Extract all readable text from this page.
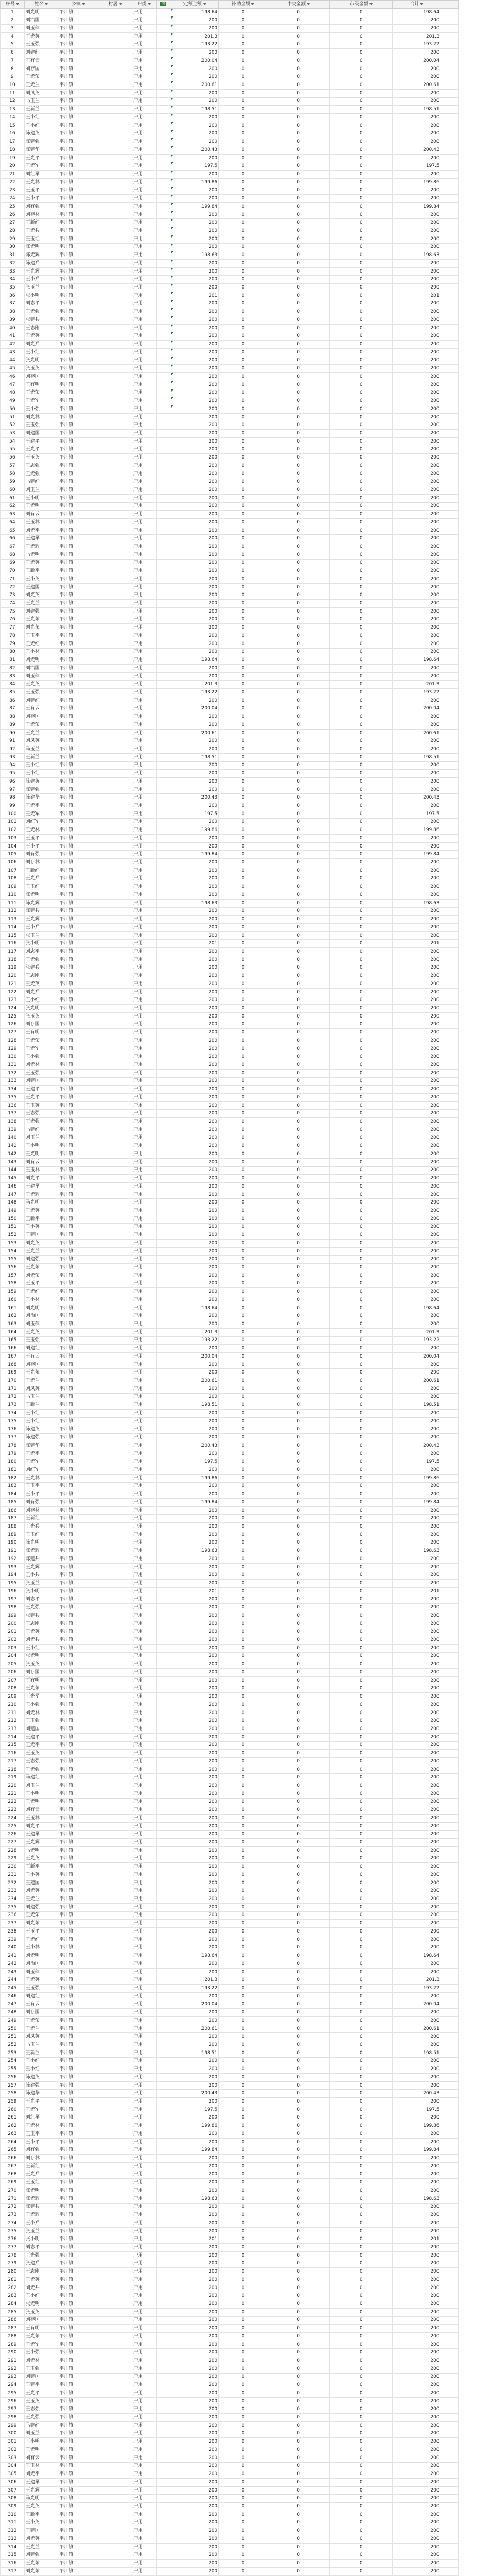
序号	姓名	乡镇	村居	户类	☑	定额金额	补助金额	中央金额	市级金额	合计	

1	刘光明	平川镇		户用		198.64	0	0	0	198.64	
2	刘治国	平川镇		户用		200	0	0	0	200	
3	刘玉萍	平川镇		户用		200	0	0	0	200	
4	王光英	平川镇		户用		201.3	0	0	0	201.3	
5	王玉强	平川镇		户用		193.22	0	0	0	193.22	
6	刘建红	平川镇		户用		200	0	0	0	200	
7	王有云	平川镇		户用		200.04	0	0	0	200.04	
8	刘存国	平川镇		户用		200	0	0	0	200	
9	王光荣	平川镇		户用		200	0	0	0	200	
10	王光兰	平川镇		户用		200.61	0	0	0	200.61	
11	刘凤英	平川镇		户用		200	0	0	0	200	
12	马玉兰	平川镇		户用		200	0	0	0	200	
13	王新兰	平川镇		户用		198.51	0	0	0	198.51	
14	王小红	平川镇		户用		200	0	0	0	200	
15	王小红	平川镇		户用		200	0	0	0	200	
16	陈建英	平川镇		户用		200	0	0	0	200	
17	陈建强	平川镇		户用		200	0	0	0	200	
18	陈建华	平川镇		户用		200.43	0	0	0	200.43	
19	王光平	平川镇		户用		200	0	0	0	200	
20	王光军	平川镇		户用		197.5	0	0	0	197.5	
21	刘红军	平川镇		户用		200	0	0	0	200	
22	王光林	平川镇		户用		199.86	0	0	0	199.86	
23	王玉平	平川镇		户用		200	0	0	0	200	
24	王小平	平川镇		户用		200	0	0	0	200	
25	刘有强	平川镇		户用		199.84	0	0	0	199.84	
26	刘存林	平川镇		户用		200	0	0	0	200	
27	王新红	平川镇		户用		200	0	0	0	200	
28	王光兵	平川镇		户用		200	0	0	0	200	
29	王玉红	平川镇		户用		200	0	0	0	200	
30	陈光明	平川镇		户用		200	0	0	0	200	
31	陈光辉	平川镇		户用		198.63	0	0	0	198.63	
32	陈建兵	平川镇		户用		200	0	0	0	200	
33	王光辉	平川镇		户用		200	0	0	0	200	
34	王小兵	平川镇		户用		200	0	0	0	200	
35	张玉兰	平川镇		户用		200	0	0	0	200	
36	张小明	平川镇		户用		201	0	0	0	201	
37	刘志平	平川镇		户用		200	0	0	0	200	
38	王光强	平川镇		户用		200	0	0	0	200	
39	张建兵	平川镇		户用		200	0	0	0	200	
40	王志刚	平川镇		户用		200	0	0	0	200	
41	王光英	平川镇		户用		200	0	0	0	200	
42	刘光兵	平川镇		户用		200	0	0	0	200	
43	王小红	平川镇		户用		200	0	0	0	200	
44	张光明	平川镇		户用		200	0	0	0	200	
45	张玉英	平川镇		户用		200	0	0	0	200	
46	刘存国	平川镇		户用		200	0	0	0	200	
47	王有明	平川镇		户用		200	0	0	0	200	
48	王光荣	平川镇		户用		200	0	0	0	200	
49	王光军	平川镇		户用		200	0	0	0	200	
50	王小强	平川镇		户用		200	0	0	0	200	
51	刘光林	平川镇		户用		200	0	0	0	200	
52	王玉强	平川镇		户用		200	0	0	0	200	
53	刘建国	平川镇		户用		200	0	0	0	200	
54	王建平	平川镇		户用		200	0	0	0	200	
55	王光平	平川镇		户用		200	0	0	0	200	
56	王玉英	平川镇		户用		200	0	0	0	200	
57	王志强	平川镇		户用		200	0	0	0	200	
58	王光强	平川镇		户用		200	0	0	0	200	
59	马建红	平川镇		户用		200	0	0	0	200	
60	刘玉兰	平川镇		户用		200	0	0	0	200	
61	王小明	平川镇		户用		200	0	0	0	200	
62	王光明	平川镇		户用		200	0	0	0	200	
63	刘有云	平川镇		户用		200	0	0	0	200	
64	王玉林	平川镇		户用		200	0	0	0	200	
65	刘光平	平川镇		户用		200	0	0	0	200	
66	王建军	平川镇		户用		200	0	0	0	200	
67	王光辉	平川镇		户用		200	0	0	0	200	
68	马光明	平川镇		户用		200	0	0	0	200	
69	王光英	平川镇		户用		200	0	0	0	200	
70	王新平	平川镇		户用		200	0	0	0	200	
71	王小英	平川镇		户用		200	0	0	0	200	
72	王建国	平川镇		户用		200	0	0	0	200	
73	刘光英	平川镇		户用		200	0	0	0	200	
74	王光兰	平川镇		户用		200	0	0	0	200	
75	刘建强	平川镇		户用		200	0	0	0	200	
76	王光荣	平川镇		户用		200	0	0	0	200	
77	刘光荣	平川镇		户用		200	0	0	0	200	
78	王玉平	平川镇		户用		200	0	0	0	200	
79	王光红	平川镇		户用		200	0	0	0	200	
80	王小林	平川镇		户用		200	0	0	0	200	
81	刘光明	平川镇		户用		198.64	0	0	0	198.64	
82	刘治国	平川镇		户用		200	0	0	0	200	
83	刘玉萍	平川镇		户用		200	0	0	0	200	
84	王光英	平川镇		户用		201.3	0	0	0	201.3	
85	王玉强	平川镇		户用		193.22	0	0	0	193.22	
86	刘建红	平川镇		户用		200	0	0	0	200	
87	王有云	平川镇		户用		200.04	0	0	0	200.04	
88	刘存国	平川镇		户用		200	0	0	0	200	
89	王光荣	平川镇		户用		200	0	0	0	200	
90	王光兰	平川镇		户用		200.61	0	0	0	200.61	
91	刘凤英	平川镇		户用		200	0	0	0	200	
92	马玉兰	平川镇		户用		200	0	0	0	200	
93	王新兰	平川镇		户用		198.51	0	0	0	198.51	
94	王小红	平川镇		户用		200	0	0	0	200	
95	王小红	平川镇		户用		200	0	0	0	200	
96	陈建英	平川镇		户用		200	0	0	0	200	
97	陈建强	平川镇		户用		200	0	0	0	200	
98	陈建华	平川镇		户用		200.43	0	0	0	200.43	
99	王光平	平川镇		户用		200	0	0	0	200	
100	王光军	平川镇		户用		197.5	0	0	0	197.5	
101	刘红军	平川镇		户用		200	0	0	0	200	
102	王光林	平川镇		户用		199.86	0	0	0	199.86	
103	王玉平	平川镇		户用		200	0	0	0	200	
104	王小平	平川镇		户用		200	0	0	0	200	
105	刘有强	平川镇		户用		199.84	0	0	0	199.84	
106	刘存林	平川镇		户用		200	0	0	0	200	
107	王新红	平川镇		户用		200	0	0	0	200	
108	王光兵	平川镇		户用		200	0	0	0	200	
109	王玉红	平川镇		户用		200	0	0	0	200	
110	陈光明	平川镇		户用		200	0	0	0	200	
111	陈光辉	平川镇		户用		198.63	0	0	0	198.63	
112	陈建兵	平川镇		户用		200	0	0	0	200	
113	王光辉	平川镇		户用		200	0	0	0	200	
114	王小兵	平川镇		户用		200	0	0	0	200	
115	张玉兰	平川镇		户用		200	0	0	0	200	
116	张小明	平川镇		户用		201	0	0	0	201	
117	刘志平	平川镇		户用		200	0	0	0	200	
118	王光强	平川镇		户用		200	0	0	0	200	
119	张建兵	平川镇		户用		200	0	0	0	200	
120	王志刚	平川镇		户用		200	0	0	0	200	
121	王光英	平川镇		户用		200	0	0	0	200	
122	刘光兵	平川镇		户用		200	0	0	0	200	
123	王小红	平川镇		户用		200	0	0	0	200	
124	张光明	平川镇		户用		200	0	0	0	200	
125	张玉英	平川镇		户用		200	0	0	0	200	
126	刘存国	平川镇		户用		200	0	0	0	200	
127	王有明	平川镇		户用		200	0	0	0	200	
128	王光荣	平川镇		户用		200	0	0	0	200	
129	王光军	平川镇		户用		200	0	0	0	200	
130	王小强	平川镇		户用		200	0	0	0	200	
131	刘光林	平川镇		户用		200	0	0	0	200	
132	王玉强	平川镇		户用		200	0	0	0	200	
133	刘建国	平川镇		户用		200	0	0	0	200	
134	王建平	平川镇		户用		200	0	0	0	200	
135	王光平	平川镇		户用		200	0	0	0	200	
136	王玉英	平川镇		户用		200	0	0	0	200	
137	王志强	平川镇		户用		200	0	0	0	200	
138	王光强	平川镇		户用		200	0	0	0	200	
139	马建红	平川镇		户用		200	0	0	0	200	
140	刘玉兰	平川镇		户用		200	0	0	0	200	
141	王小明	平川镇		户用		200	0	0	0	200	
142	王光明	平川镇		户用		200	0	0	0	200	
143	刘有云	平川镇		户用		200	0	0	0	200	
144	王玉林	平川镇		户用		200	0	0	0	200	
145	刘光平	平川镇		户用		200	0	0	0	200	
146	王建军	平川镇		户用		200	0	0	0	200	
147	王光辉	平川镇		户用		200	0	0	0	200	
148	马光明	平川镇		户用		200	0	0	0	200	
149	王光英	平川镇		户用		200	0	0	0	200	
150	王新平	平川镇		户用		200	0	0	0	200	
151	王小英	平川镇		户用		200	0	0	0	200	
152	王建国	平川镇		户用		200	0	0	0	200	
153	刘光英	平川镇		户用		200	0	0	0	200	
154	王光兰	平川镇		户用		200	0	0	0	200	
155	刘建强	平川镇		户用		200	0	0	0	200	
156	王光荣	平川镇		户用		200	0	0	0	200	
157	刘光荣	平川镇		户用		200	0	0	0	200	
158	王玉平	平川镇		户用		200	0	0	0	200	
159	王光红	平川镇		户用		200	0	0	0	200	
160	王小林	平川镇		户用		200	0	0	0	200	
161	刘光明	平川镇		户用		198.64	0	0	0	198.64	
162	刘治国	平川镇		户用		200	0	0	0	200	
163	刘玉萍	平川镇		户用		200	0	0	0	200	
164	王光英	平川镇		户用		201.3	0	0	0	201.3	
165	王玉强	平川镇		户用		193.22	0	0	0	193.22	
166	刘建红	平川镇		户用		200	0	0	0	200	
167	王有云	平川镇		户用		200.04	0	0	0	200.04	
168	刘存国	平川镇		户用		200	0	0	0	200	
169	王光荣	平川镇		户用		200	0	0	0	200	
170	王光兰	平川镇		户用		200.61	0	0	0	200.61	
171	刘凤英	平川镇		户用		200	0	0	0	200	
172	马玉兰	平川镇		户用		200	0	0	0	200	
173	王新兰	平川镇		户用		198.51	0	0	0	198.51	
174	王小红	平川镇		户用		200	0	0	0	200	
175	王小红	平川镇		户用		200	0	0	0	200	
176	陈建英	平川镇		户用		200	0	0	0	200	
177	陈建强	平川镇		户用		200	0	0	0	200	
178	陈建华	平川镇		户用		200.43	0	0	0	200.43	
179	王光平	平川镇		户用		200	0	0	0	200	
180	王光军	平川镇		户用		197.5	0	0	0	197.5	
181	刘红军	平川镇		户用		200	0	0	0	200	
182	王光林	平川镇		户用		199.86	0	0	0	199.86	
183	王玉平	平川镇		户用		200	0	0	0	200	
184	王小平	平川镇		户用		200	0	0	0	200	
185	刘有强	平川镇		户用		199.84	0	0	0	199.84	
186	刘存林	平川镇		户用		200	0	0	0	200	
187	王新红	平川镇		户用		200	0	0	0	200	
188	王光兵	平川镇		户用		200	0	0	0	200	
189	王玉红	平川镇		户用		200	0	0	0	200	
190	陈光明	平川镇		户用		200	0	0	0	200	
191	陈光辉	平川镇		户用		198.63	0	0	0	198.63	
192	陈建兵	平川镇		户用		200	0	0	0	200	
193	王光辉	平川镇		户用		200	0	0	0	200	
194	王小兵	平川镇		户用		200	0	0	0	200	
195	张玉兰	平川镇		户用		200	0	0	0	200	
196	张小明	平川镇		户用		201	0	0	0	201	
197	刘志平	平川镇		户用		200	0	0	0	200	
198	王光强	平川镇		户用		200	0	0	0	200	
199	张建兵	平川镇		户用		200	0	0	0	200	
200	王志刚	平川镇		户用		200	0	0	0	200	
201	王光英	平川镇		户用		200	0	0	0	200	
202	刘光兵	平川镇		户用		200	0	0	0	200	
203	王小红	平川镇		户用		200	0	0	0	200	
204	张光明	平川镇		户用		200	0	0	0	200	
205	张玉英	平川镇		户用		200	0	0	0	200	
206	刘存国	平川镇		户用		200	0	0	0	200	
207	王有明	平川镇		户用		200	0	0	0	200	
208	王光荣	平川镇		户用		200	0	0	0	200	
209	王光军	平川镇		户用		200	0	0	0	200	
210	王小强	平川镇		户用		200	0	0	0	200	
211	刘光林	平川镇		户用		200	0	0	0	200	
212	王玉强	平川镇		户用		200	0	0	0	200	
213	刘建国	平川镇		户用		200	0	0	0	200	
214	王建平	平川镇		户用		200	0	0	0	200	
215	王光平	平川镇		户用		200	0	0	0	200	
216	王玉英	平川镇		户用		200	0	0	0	200	
217	王志强	平川镇		户用		200	0	0	0	200	
218	王光强	平川镇		户用		200	0	0	0	200	
219	马建红	平川镇		户用		200	0	0	0	200	
220	刘玉兰	平川镇		户用		200	0	0	0	200	
221	王小明	平川镇		户用		200	0	0	0	200	
222	王光明	平川镇		户用		200	0	0	0	200	
223	刘有云	平川镇		户用		200	0	0	0	200	
224	王玉林	平川镇		户用		200	0	0	0	200	
225	刘光平	平川镇		户用		200	0	0	0	200	
226	王建军	平川镇		户用		200	0	0	0	200	
227	王光辉	平川镇		户用		200	0	0	0	200	
228	马光明	平川镇		户用		200	0	0	0	200	
229	王光英	平川镇		户用		200	0	0	0	200	
230	王新平	平川镇		户用		200	0	0	0	200	
231	王小英	平川镇		户用		200	0	0	0	200	
232	王建国	平川镇		户用		200	0	0	0	200	
233	刘光英	平川镇		户用		200	0	0	0	200	
234	王光兰	平川镇		户用		200	0	0	0	200	
235	刘建强	平川镇		户用		200	0	0	0	200	
236	王光荣	平川镇		户用		200	0	0	0	200	
237	刘光荣	平川镇		户用		200	0	0	0	200	
238	王玉平	平川镇		户用		200	0	0	0	200	
239	王光红	平川镇		户用		200	0	0	0	200	
240	王小林	平川镇		户用		200	0	0	0	200	
241	刘光明	平川镇		户用		198.64	0	0	0	198.64	
242	刘治国	平川镇		户用		200	0	0	0	200	
243	刘玉萍	平川镇		户用		200	0	0	0	200	
244	王光英	平川镇		户用		201.3	0	0	0	201.3	
245	王玉强	平川镇		户用		193.22	0	0	0	193.22	
246	刘建红	平川镇		户用		200	0	0	0	200	
247	王有云	平川镇		户用		200.04	0	0	0	200.04	
248	刘存国	平川镇		户用		200	0	0	0	200	
249	王光荣	平川镇		户用		200	0	0	0	200	
250	王光兰	平川镇		户用		200.61	0	0	0	200.61	
251	刘凤英	平川镇		户用		200	0	0	0	200	
252	马玉兰	平川镇		户用		200	0	0	0	200	
253	王新兰	平川镇		户用		198.51	0	0	0	198.51	
254	王小红	平川镇		户用		200	0	0	0	200	
255	王小红	平川镇		户用		200	0	0	0	200	
256	陈建英	平川镇		户用		200	0	0	0	200	
257	陈建强	平川镇		户用		200	0	0	0	200	
258	陈建华	平川镇		户用		200.43	0	0	0	200.43	
259	王光平	平川镇		户用		200	0	0	0	200	
260	王光军	平川镇		户用		197.5	0	0	0	197.5	
261	刘红军	平川镇		户用		200	0	0	0	200	
262	王光林	平川镇		户用		199.86	0	0	0	199.86	
263	王玉平	平川镇		户用		200	0	0	0	200	
264	王小平	平川镇		户用		200	0	0	0	200	
265	刘有强	平川镇		户用		199.84	0	0	0	199.84	
266	刘存林	平川镇		户用		200	0	0	0	200	
267	王新红	平川镇		户用		200	0	0	0	200	
268	王光兵	平川镇		户用		200	0	0	0	200	
269	王玉红	平川镇		户用		200	0	0	0	200	
270	陈光明	平川镇		户用		200	0	0	0	200	
271	陈光辉	平川镇		户用		198.63	0	0	0	198.63	
272	陈建兵	平川镇		户用		200	0	0	0	200	
273	王光辉	平川镇		户用		200	0	0	0	200	
274	王小兵	平川镇		户用		200	0	0	0	200	
275	张玉兰	平川镇		户用		200	0	0	0	200	
276	张小明	平川镇		户用		201	0	0	0	201	
277	刘志平	平川镇		户用		200	0	0	0	200	
278	王光强	平川镇		户用		200	0	0	0	200	
279	张建兵	平川镇		户用		200	0	0	0	200	
280	王志刚	平川镇		户用		200	0	0	0	200	
281	王光英	平川镇		户用		200	0	0	0	200	
282	刘光兵	平川镇		户用		200	0	0	0	200	
283	王小红	平川镇		户用		200	0	0	0	200	
284	张光明	平川镇		户用		200	0	0	0	200	
285	张玉英	平川镇		户用		200	0	0	0	200	
286	刘存国	平川镇		户用		200	0	0	0	200	
287	王有明	平川镇		户用		200	0	0	0	200	
288	王光荣	平川镇		户用		200	0	0	0	200	
289	王光军	平川镇		户用		200	0	0	0	200	
290	王小强	平川镇		户用		200	0	0	0	200	
291	刘光林	平川镇		户用		200	0	0	0	200	
292	王玉强	平川镇		户用		200	0	0	0	200	
293	刘建国	平川镇		户用		200	0	0	0	200	
294	王建平	平川镇		户用		200	0	0	0	200	
295	王光平	平川镇		户用		200	0	0	0	200	
296	王玉英	平川镇		户用		200	0	0	0	200	
297	王志强	平川镇		户用		200	0	0	0	200	
298	王光强	平川镇		户用		200	0	0	0	200	
299	马建红	平川镇		户用		200	0	0	0	200	
300	刘玉兰	平川镇		户用		200	0	0	0	200	
301	王小明	平川镇		户用		200	0	0	0	200	
302	王光明	平川镇		户用		200	0	0	0	200	
303	刘有云	平川镇		户用		200	0	0	0	200	
304	王玉林	平川镇		户用		200	0	0	0	200	
305	刘光平	平川镇		户用		200	0	0	0	200	
306	王建军	平川镇		户用		200	0	0	0	200	
307	王光辉	平川镇		户用		200	0	0	0	200	
308	马光明	平川镇		户用		200	0	0	0	200	
309	王光英	平川镇		户用		200	0	0	0	200	
310	王新平	平川镇		户用		200	0	0	0	200	
311	王小英	平川镇		户用		200	0	0	0	200	
312	王建国	平川镇		户用		200	0	0	0	200	
313	刘光英	平川镇		户用		200	0	0	0	200	
314	王光兰	平川镇		户用		200	0	0	0	200	
315	刘建强	平川镇		户用		200	0	0	0	200	
316	王光荣	平川镇		户用		200	0	0	0	200	
317	刘光荣	平川镇		户用		200	0	0	0	200	
